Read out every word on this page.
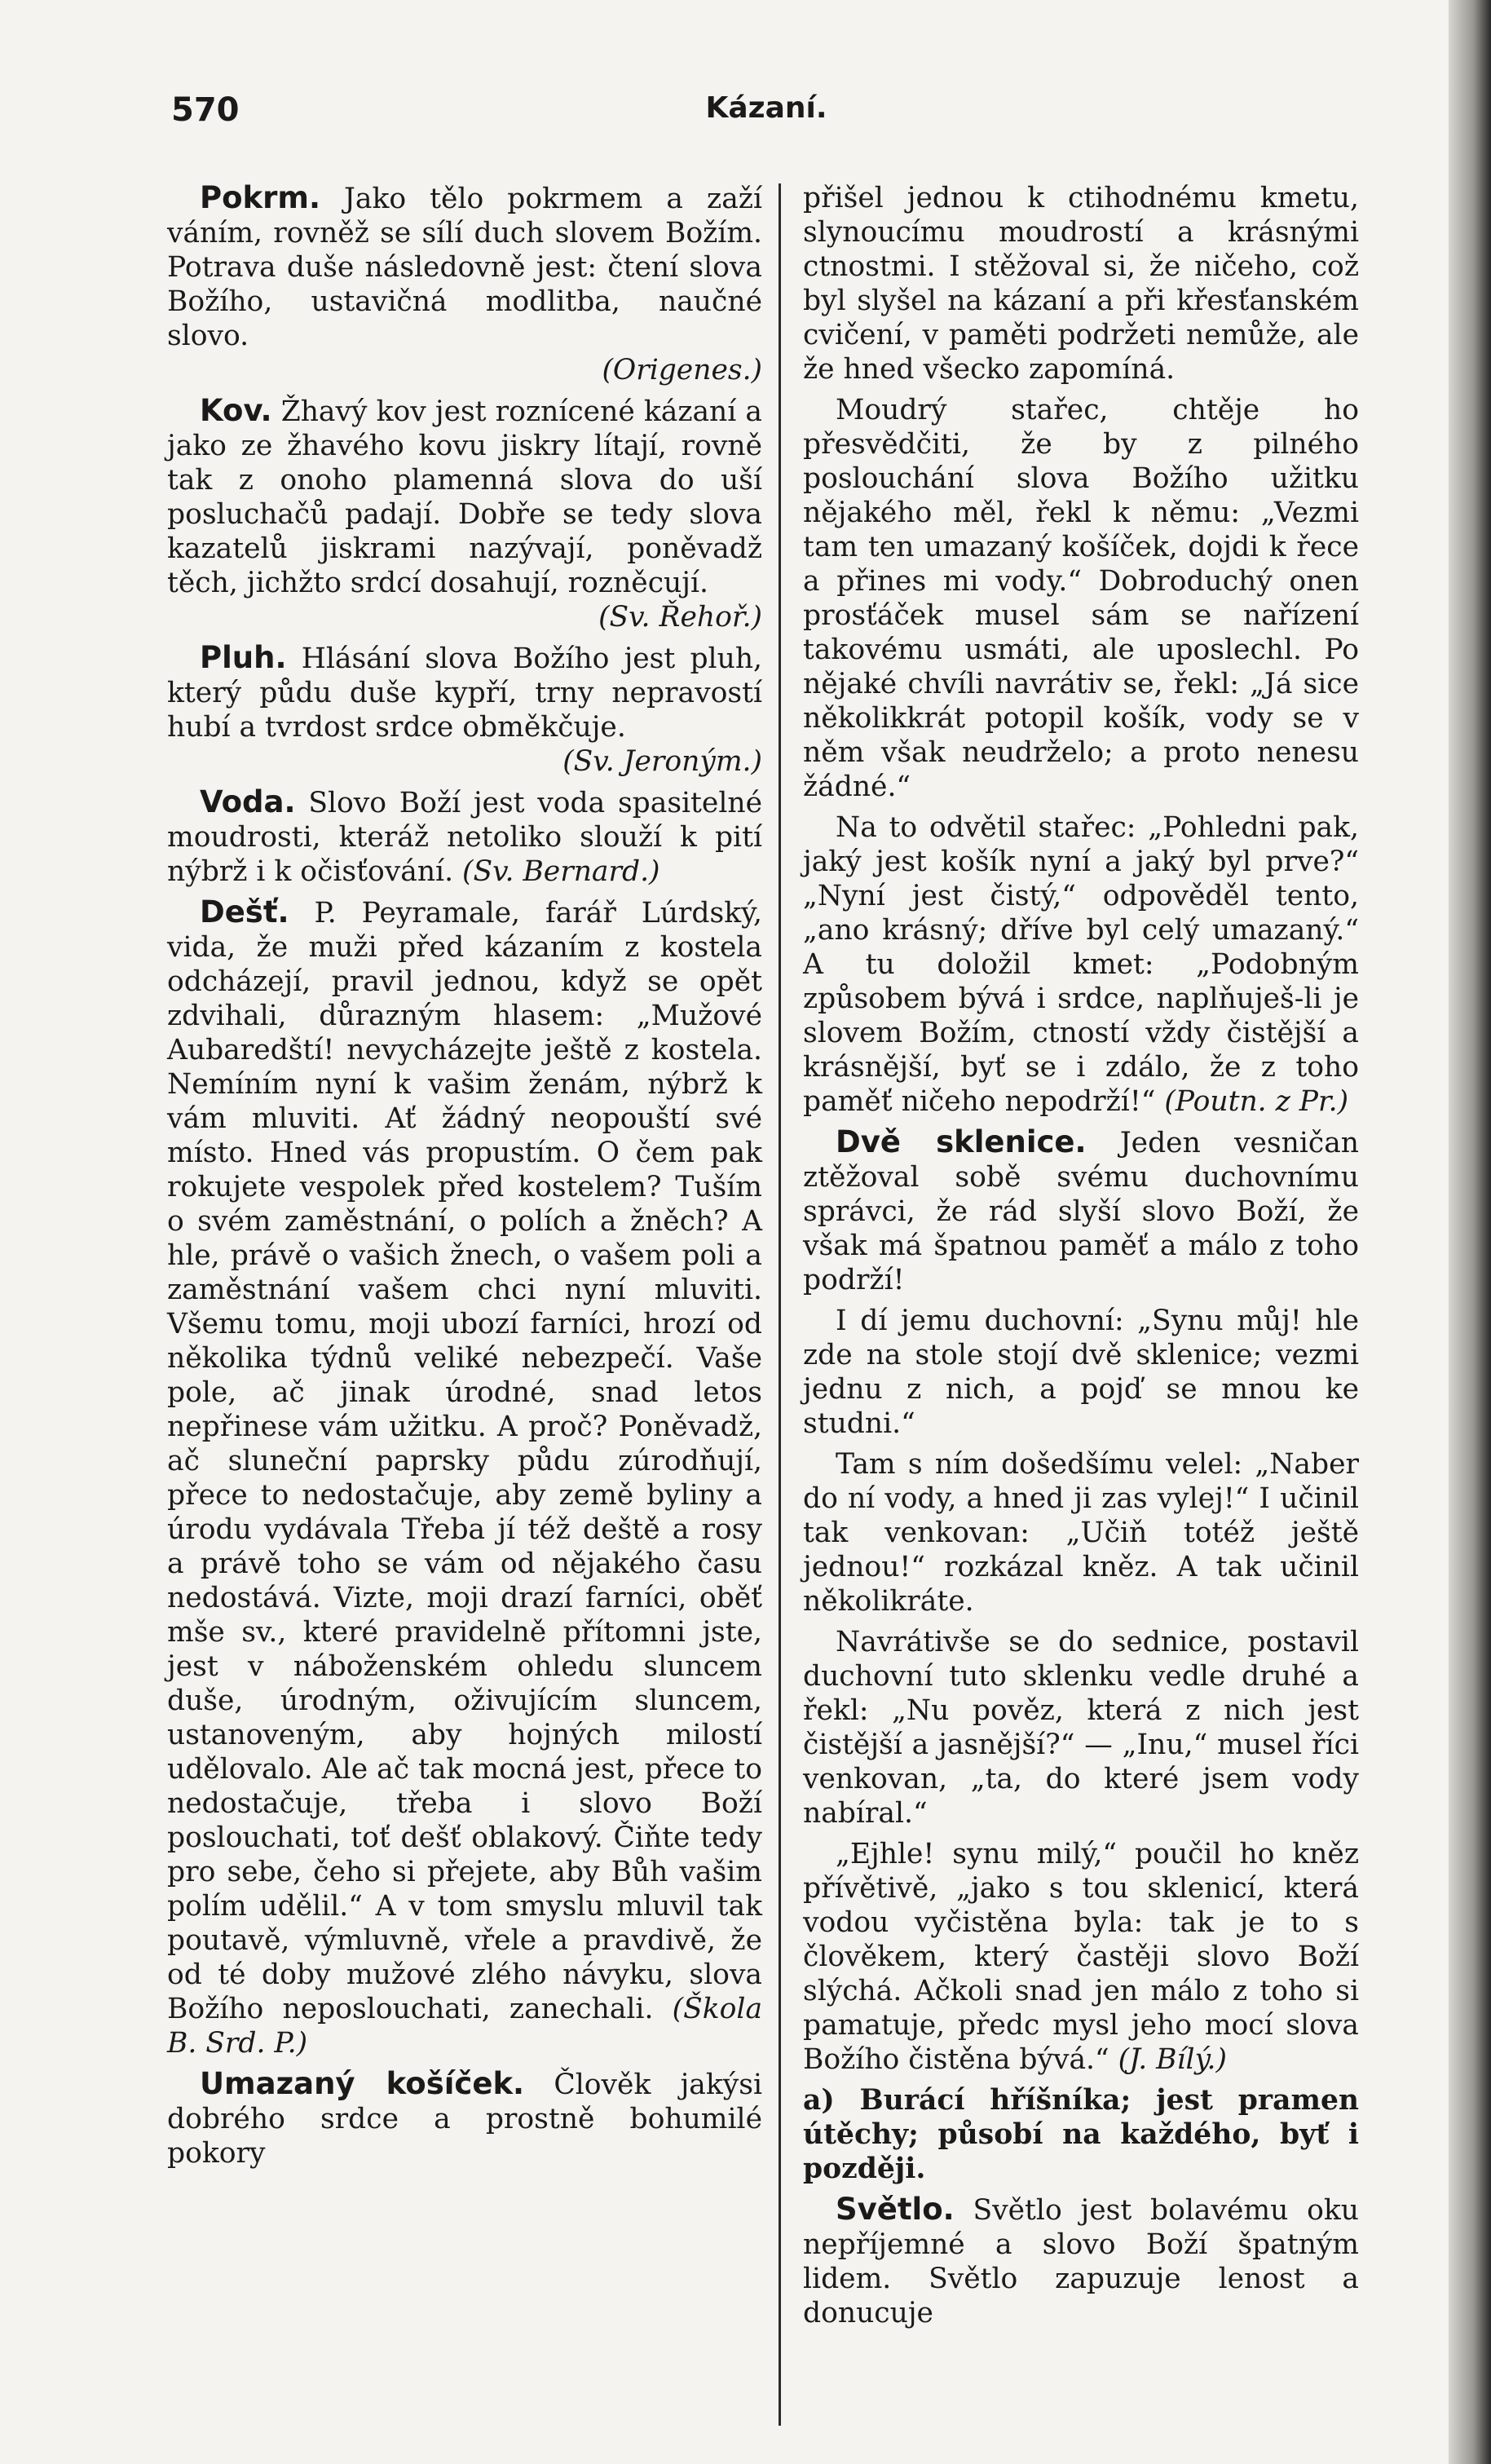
570	Kázaní.

Pokrm. Jako tělo pokrmem a zaží váním, rovněž se sílí duch slovem Božím. Potrava duše následovně jest: čtení slova Božího, ustavičná modlitba, naučné slovo.
(Origenes.)

Kov. Žhavý kov jest roznícené kázaní a jako ze žhavého kovu jiskry lítají, rovně tak z onoho plamenná slova do uší posluchačů padají. Dobře se tedy slova kazatelů jiskrami nazývají, poněvadž těch, jichžto srdcí dosahují, rozněcují.
(Sv. Řehoř.)

Pluh. Hlásání slova Božího jest pluh, který půdu duše kypří, trny nepravostí hubí a tvrdost srdce obměkčuje.
(Sv. Jeroným.)

Voda. Slovo Boží jest voda spasitelné moudrosti, kteráž netoliko slouží k pití nýbrž i k očisťování. (Sv. Bernard.)

Dešť. P. Peyramale, farář Lúrdský, vida, že muži před kázaním z kostela odcházejí, pravil jednou, když se opět zdvihali, důrazným hlasem: „Mužové Aubaredští! nevycházejte ještě z kostela. Nemíním nyní k vašim ženám, nýbrž k vám mluviti. Ať žádný neopouští své místo. Hned vás propustím. O čem pak rokujete vespolek před kostelem? Tuším o svém zaměstnání, o polích a žněch? A hle, právě o vašich žnech, o vašem poli a zaměstnání vašem chci nyní mluviti. Všemu tomu, moji ubozí farníci, hrozí od několika týdnů veliké nebezpečí. Vaše pole, ač jinak úrodné, snad letos nepřinese vám užitku. A proč? Poněvadž, ač sluneční paprsky půdu zúrodňují, přece to nedostačuje, aby země byliny a úrodu vydávala Třeba jí též deště a rosy a právě toho se vám od nějakého času nedostává. Vizte, moji drazí farníci, oběť mše sv., které pravidelně přítomni jste, jest v náboženském ohledu sluncem duše, úrodným, oživujícím sluncem, ustanoveným, aby hojných milostí udělovalo. Ale ač tak mocná jest, přece to nedostačuje, třeba i slovo Boží poslouchati, toť dešť oblakový. Čiňte tedy pro sebe, čeho si přejete, aby Bůh vašim polím udělil.“ A v tom smyslu mluvil tak poutavě, výmluvně, vřele a pravdivě, že od té doby mužové zlého návyku, slova Božího neposlouchati, zanechali. (Škola B. Srd. P.)

Umazaný košíček. Člověk jakýsi dobrého srdce a prostně bohumilé pokory

přišel jednou k ctihodnému kmetu, slynoucímu moudrostí a krásnými ctnostmi. I stěžoval si, že ničeho, což byl slyšel na kázaní a při křesťanském cvičení, v paměti podržeti nemůže, ale že hned všecko zapomíná.

Moudrý stařec, chtěje ho přesvědčiti, že by z pilného poslouchání slova Božího užitku nějakého měl, řekl k němu: „Vezmi tam ten umazaný košíček, dojdi k řece a přines mi vody.“ Dobroduchý onen prosťáček musel sám se nařízení takovému usmáti, ale uposlechl. Po nějaké chvíli navrátiv se, řekl: „Já sice několikkrát potopil košík, vody se v něm však neudrželo; a proto nenesu žádné.“

Na to odvětil stařec: „Pohledni pak, jaký jest košík nyní a jaký byl prve?“ „Nyní jest čistý,“ odpověděl tento, „ano krásný; dříve byl celý umazaný.“ A tu doložil kmet: „Podobným způsobem bývá i srdce, naplňuješ-li je slovem Božím, ctností vždy čistější a krásnější, byť se i zdálo, že z toho paměť ničeho nepodrží!“ (Poutn. z Pr.)

Dvě sklenice. Jeden vesničan ztěžoval sobě svému duchovnímu správci, že rád slyší slovo Boží, že však má špatnou paměť a málo z toho podrží!

I dí jemu duchovní: „Synu můj! hle zde na stole stojí dvě sklenice; vezmi jednu z nich, a pojď se mnou ke studni.“

Tam s ním došedšímu velel: „Naber do ní vody, a hned ji zas vylej!“ I učinil tak venkovan: „Učiň totéž ještě jednou!“ rozkázal kněz. A tak učinil několikráte.

Navrátivše se do sednice, postavil duchovní tuto sklenku vedle druhé a řekl: „Nu pověz, která z nich jest čistější a jasnější?“ — „Inu,“ musel říci venkovan, „ta, do které jsem vody nabíral.“

„Ejhle! synu milý,“ poučil ho kněz přívětivě, „jako s tou sklenicí, která vodou vyčistěna byla: tak je to s člověkem, který častěji slovo Boží slýchá. Ačkoli snad jen málo z toho si pamatuje, předc mysl jeho mocí slova Božího čistěna bývá.“ (J. Bílý.)

a) Burácí hříšníka; jest pramen útěchy; působí na každého, byť i později.

Světlo. Světlo jest bolavému oku nepříjemné a slovo Boží špatným lidem. Světlo zapuzuje lenost a donucuje
